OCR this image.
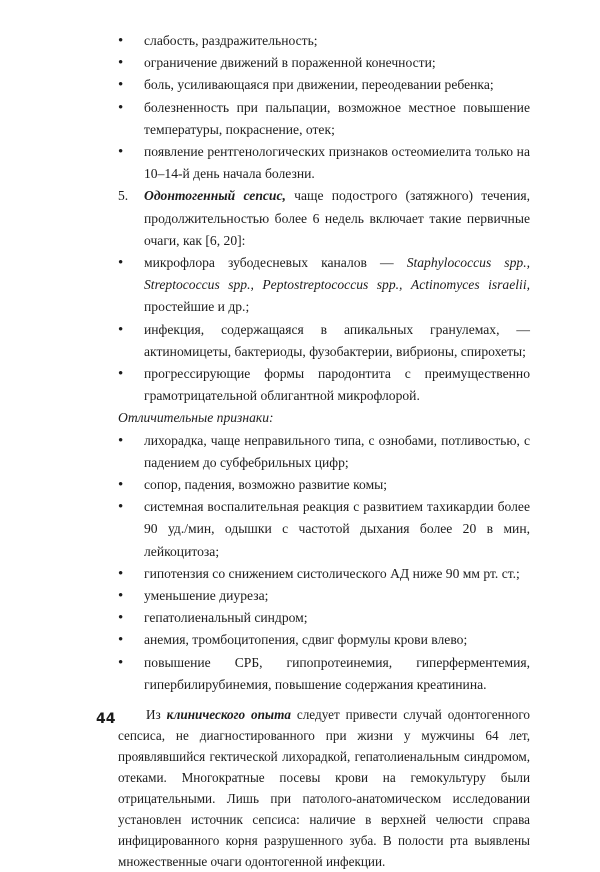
• слабость, раздражительность;

• ограничение движений в пораженной конечности;

• боль, усиливающаяся при движении, переодевании ребенка;

• болезненность при пальпации, возможное местное повышение температуры, покраснение, отек;

• появление рентгенологических признаков остеомиелита только на 10–14-й день начала болезни.

5. Одонтогенный сепсис, чаще подострого (затяжного) течения, продолжительностью более 6 недель включает такие первичные очаги, как [6, 20]:

• микрофлора зубодесневых каналов — Staphylococcus spp., Streptococcus spp., Peptostreptococcus spp., Actinomyces israelii, простейшие и др.;

• инфекция, содержащаяся в апикальных гранулемах, — актиномицеты, бактериоды, фузобактерии, вибрионы, спирохеты;

• прогрессирующие формы пародонтита с преимущественно грамотрицательной облигантной микрофлорой.

Отличительные признаки:

• лихорадка, чаще неправильного типа, с ознобами, потливостью, с падением до субфебрильных цифр;

• сопор, падения, возможно развитие комы;

• системная воспалительная реакция с развитием тахикардии более 90 уд./мин, одышки с частотой дыхания более 20 в мин, лейкоцитоза;

• гипотензия со снижением систолического АД ниже 90 мм рт. ст.;

• уменьшение диуреза;

• гепатолиенальный синдром;

• анемия, тромбоцитопения, сдвиг формулы крови влево;

• повышение СРБ, гипопротеинемия, гиперферментемия, гипербилирубинемия, повышение содержания креатинина.

Из клинического опыта следует привести случай одонтогенного сепсиса, не диагностированного при жизни у мужчины 64 лет, проявлявшийся гектической лихорадкой, гепатолиенальным синдромом, отеками. Многократные посевы крови на гемокультуру были отрицательными. Лишь при патолого-анатомическом исследовании установлен источник сепсиса: наличие в верхней челюсти справа инфицированного корня разрушенного зуба. В полости рта выявлены множественные очаги одонтогенной инфекции.

44
